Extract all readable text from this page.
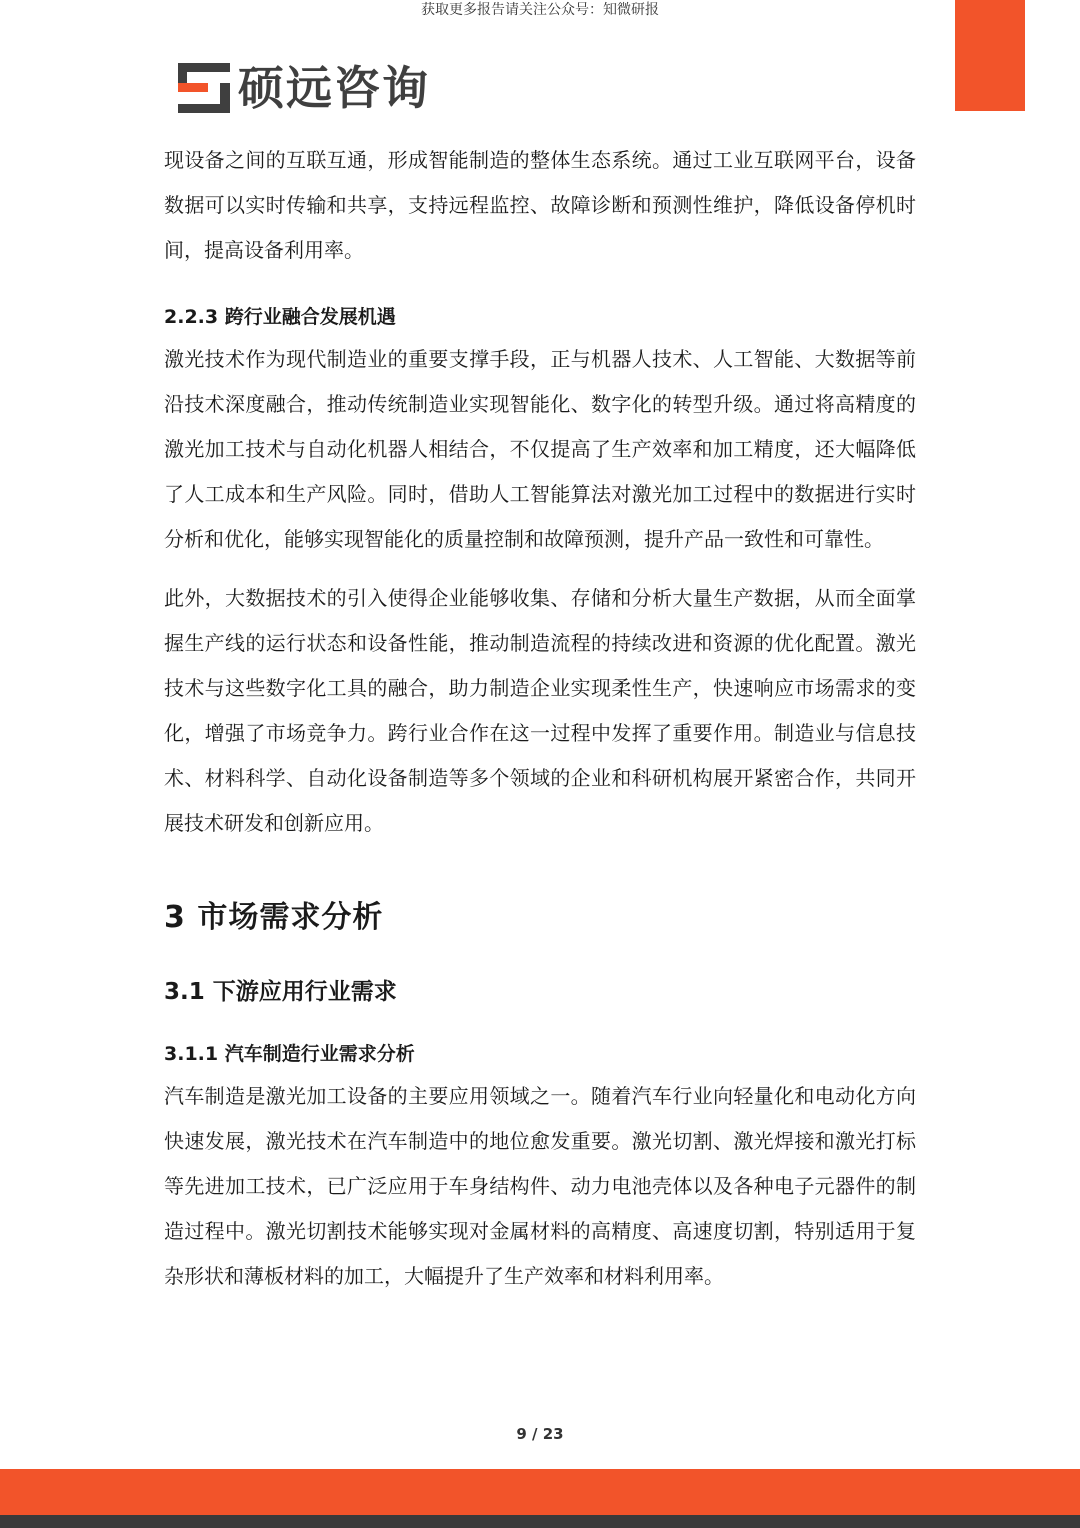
获取更多报告请关注公众号：知微研报
硕远咨询

现设备之间的互联互通，形成智能制造的整体生态系统。通过工业互联网平台，设备数据可以实时传输和共享，支持远程监控、故障诊断和预测性维护，降低设备停机时间，提高设备利用率。

2.2.3 跨行业融合发展机遇

激光技术作为现代制造业的重要支撑手段，正与机器人技术、人工智能、大数据等前沿技术深度融合，推动传统制造业实现智能化、数字化的转型升级。通过将高精度的激光加工技术与自动化机器人相结合，不仅提高了生产效率和加工精度，还大幅降低了人工成本和生产风险。同时，借助人工智能算法对激光加工过程中的数据进行实时分析和优化，能够实现智能化的质量控制和故障预测，提升产品一致性和可靠性。

此外，大数据技术的引入使得企业能够收集、存储和分析大量生产数据，从而全面掌握生产线的运行状态和设备性能，推动制造流程的持续改进和资源的优化配置。激光技术与这些数字化工具的融合，助力制造企业实现柔性生产，快速响应市场需求的变化，增强了市场竞争力。跨行业合作在这一过程中发挥了重要作用。制造业与信息技术、材料科学、自动化设备制造等多个领域的企业和科研机构展开紧密合作，共同开展技术研发和创新应用。

3 市场需求分析
3.1 下游应用行业需求
3.1.1 汽车制造行业需求分析

汽车制造是激光加工设备的主要应用领域之一。随着汽车行业向轻量化和电动化方向快速发展，激光技术在汽车制造中的地位愈发重要。激光切割、激光焊接和激光打标等先进加工技术，已广泛应用于车身结构件、动力电池壳体以及各种电子元器件的制造过程中。激光切割技术能够实现对金属材料的高精度、高速度切割，特别适用于复杂形状和薄板材料的加工，大幅提升了生产效率和材料利用率。

9 / 23
